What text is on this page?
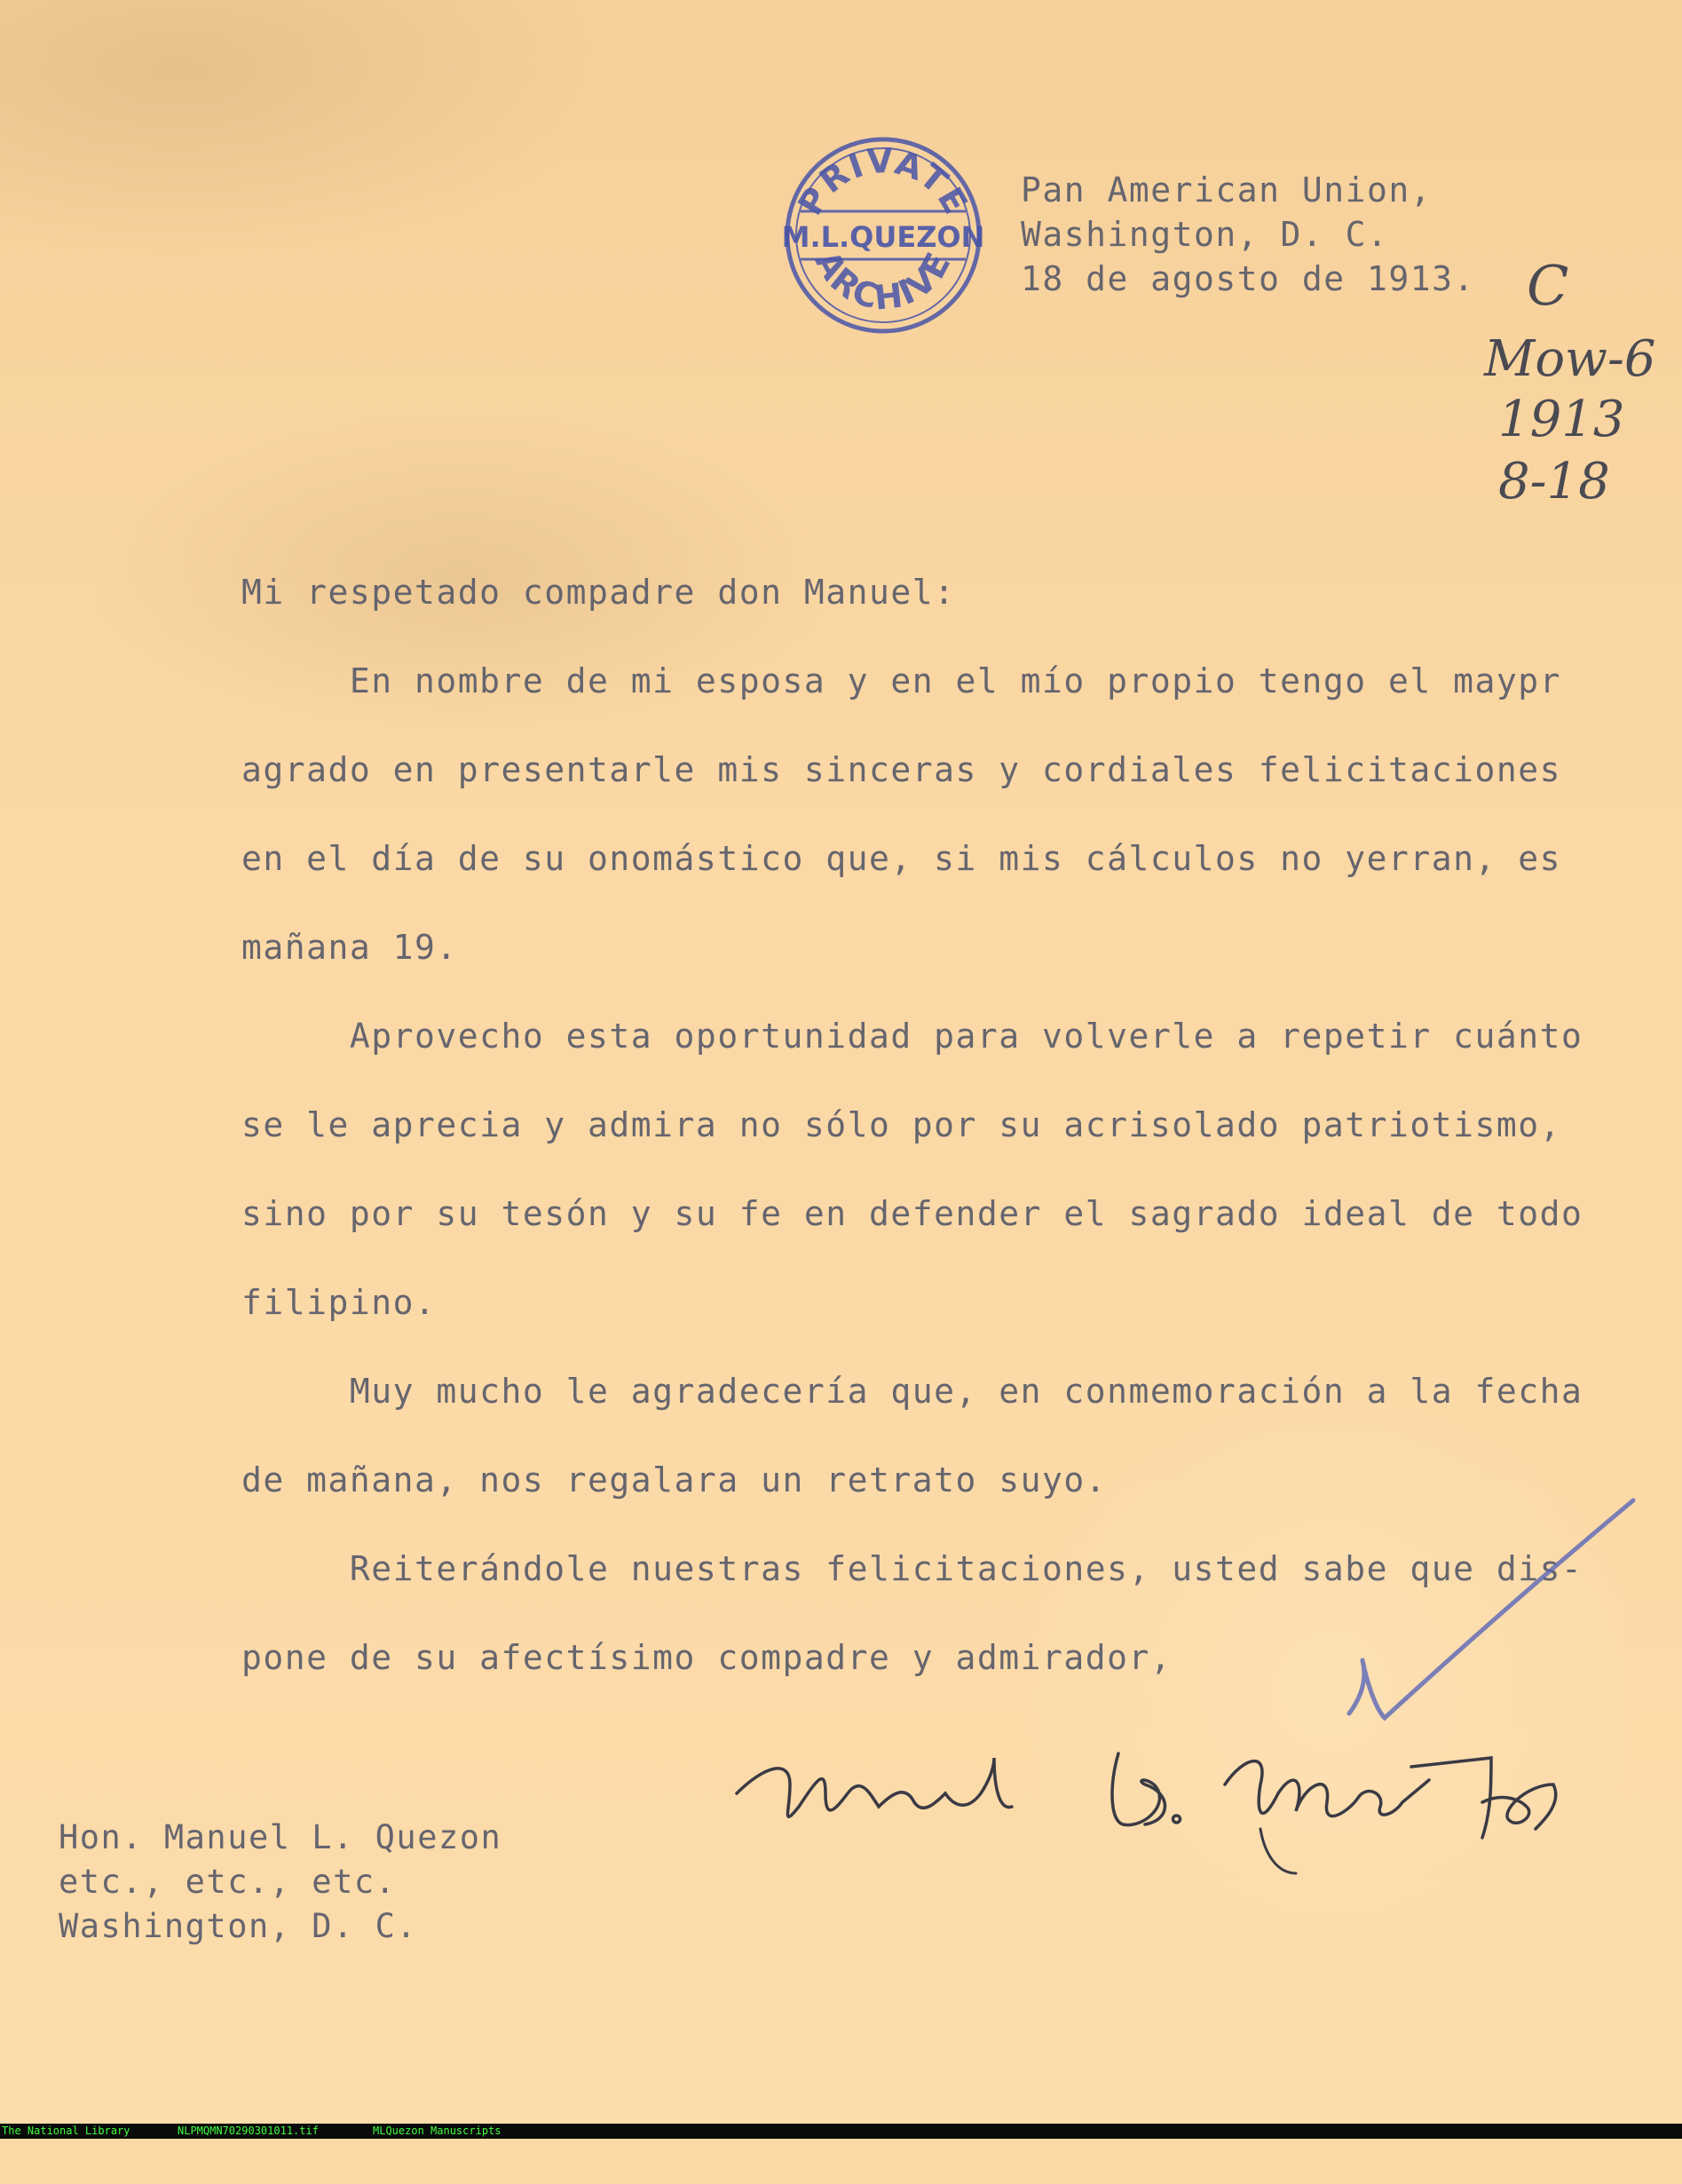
PRIVATE
M.L.QUEZON
ARCHIVE

Pan American Union,

Washington, D. C.

18 de agosto de 1913. C
Mow-6
1913
8-18

Mi respetado compadre don Manuel:

En nombre de mi esposa y en el mío propio tengo el maypr

agrado en presentarle mis sinceras y cordiales felicitaciones

en el día de su onomástico que, si mis cálculos no yerran, es

mañana 19.

Aprovecho esta oportunidad para volverle a repetir cuánto

se le aprecia y admira no sólo por su acrisolado patriotismo,

sino por su tesón y su fe en defender el sagrado ideal de todo

filipino.

Muy mucho le agradecería que, en conmemoración a la fecha

de mañana, nos regalara un retrato suyo.

Reiterándole nuestras felicitaciones, usted sabe que dis-

pone de su afectísimo compadre y admirador,

Hon. Manuel L. Quezon

etc., etc., etc.

Washington, D. C.

The National Library

	NLPMQMN70290301011.tif

	MLQuezon Manuscripts
